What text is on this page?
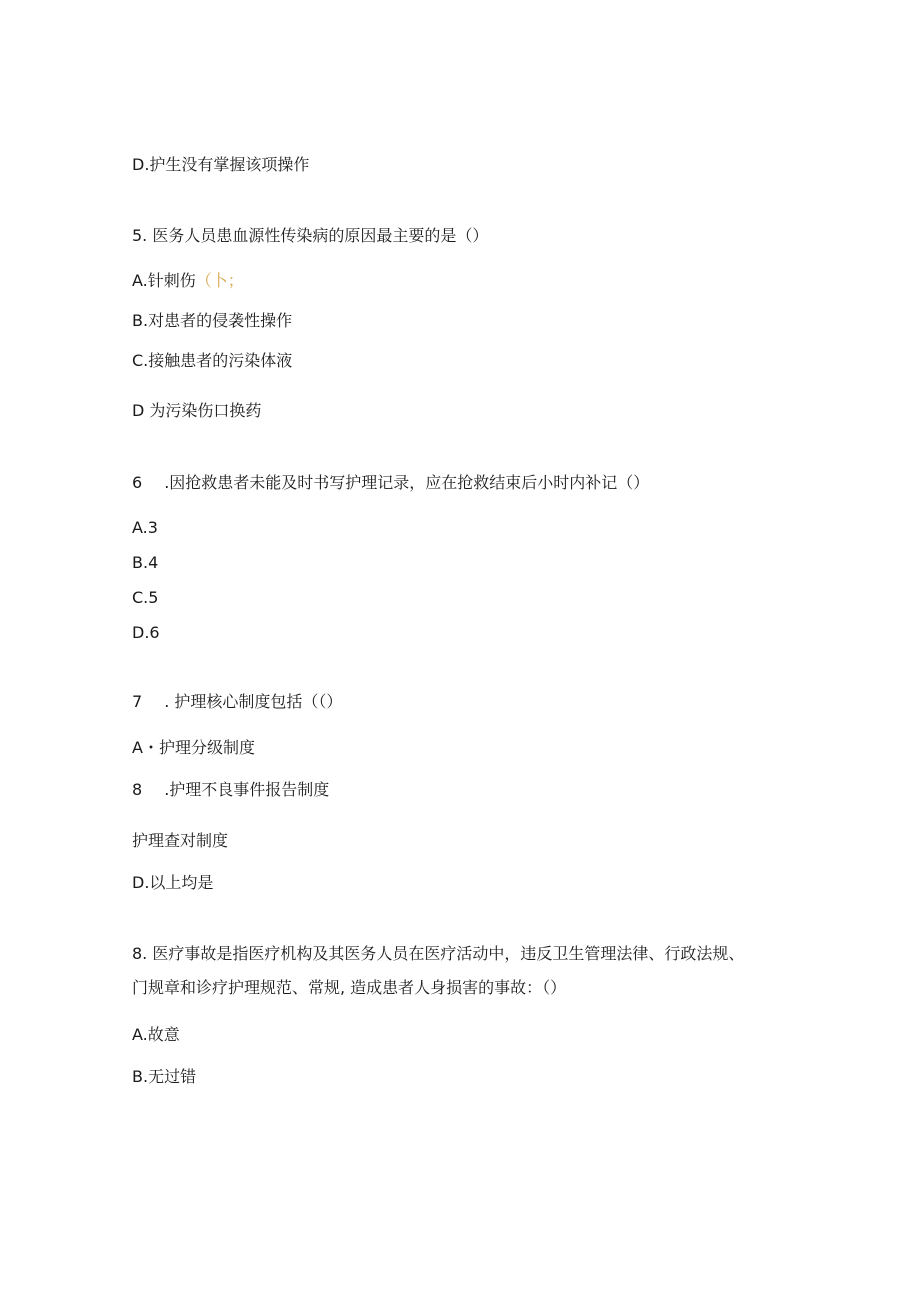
D.护生没有掌握该项操作
5. 医务人员患血源性传染病的原因最主要的是（）
A.针刺伤（卜；
B.对患者的侵袭性操作
C.接触患者的污染体液
D 为污染伤口换药
6 .因抢救患者未能及时书写护理记录，应在抢救结束后小时内补记（）
A.3
B.4
C.5
D.6
7 . 护理核心制度包括（（）
A・护理分级制度
8 .护理不良事件报告制度
护理查对制度
D.以上均是
8. 医疗事故是指医疗机构及其医务人员在医疗活动中，违反卫生管理法律、行政法规、
门规章和诊疗护理规范、常规, 造成患者人身损害的事故：（）
A.故意
B.无过错
